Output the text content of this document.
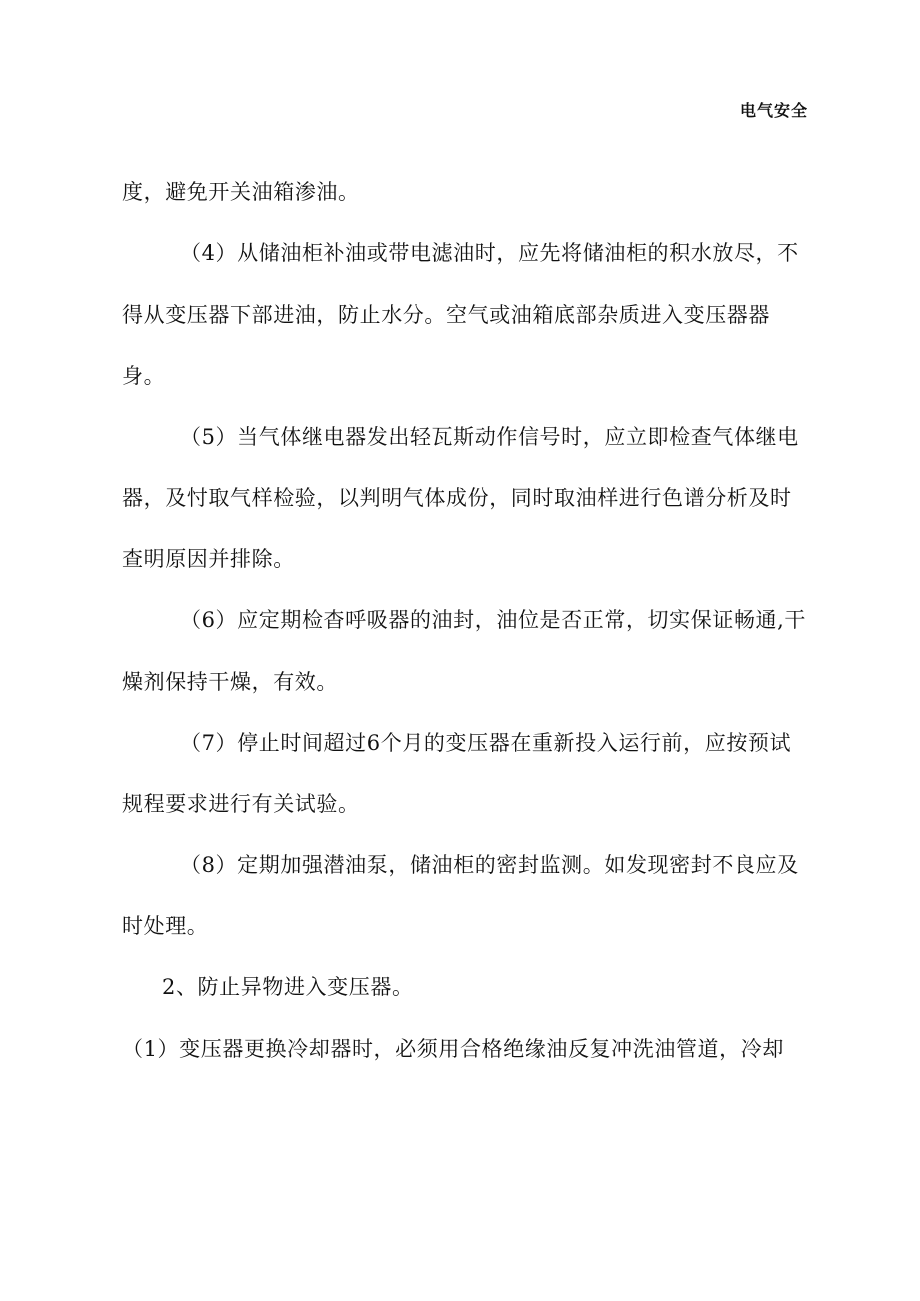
电气安全
度，避免开关油箱渗油。
（4）从储油柜补油或带电滤油时，应先将储油柜的积水放尽，不
得从变压器下部进油，防止水分。空气或油箱底部杂质进入变压器器
身。
（5）当气体继电器发出轻瓦斯动作信号时，应立即检查气体继电
器，及忖取气样检验，以判明气体成份，同时取油样进行色谱分析及时
查明原因并排除。
（6）应定期检杳呼吸器的油封，油位是否正常，切实保证畅通,干
燥剂保持干燥，有效。
（7）停止时间超过6个月的变压器在重新投入运行前，应按预试
规程要求进行有关试验。
（8）定期加强潜油泵，储油柜的密封监测。如发现密封不良应及
时处理。
2、防止异物进入变压器。
（1）变压器更换冷却器时，必须用合格绝缘油反复冲洗油管道，冷却
